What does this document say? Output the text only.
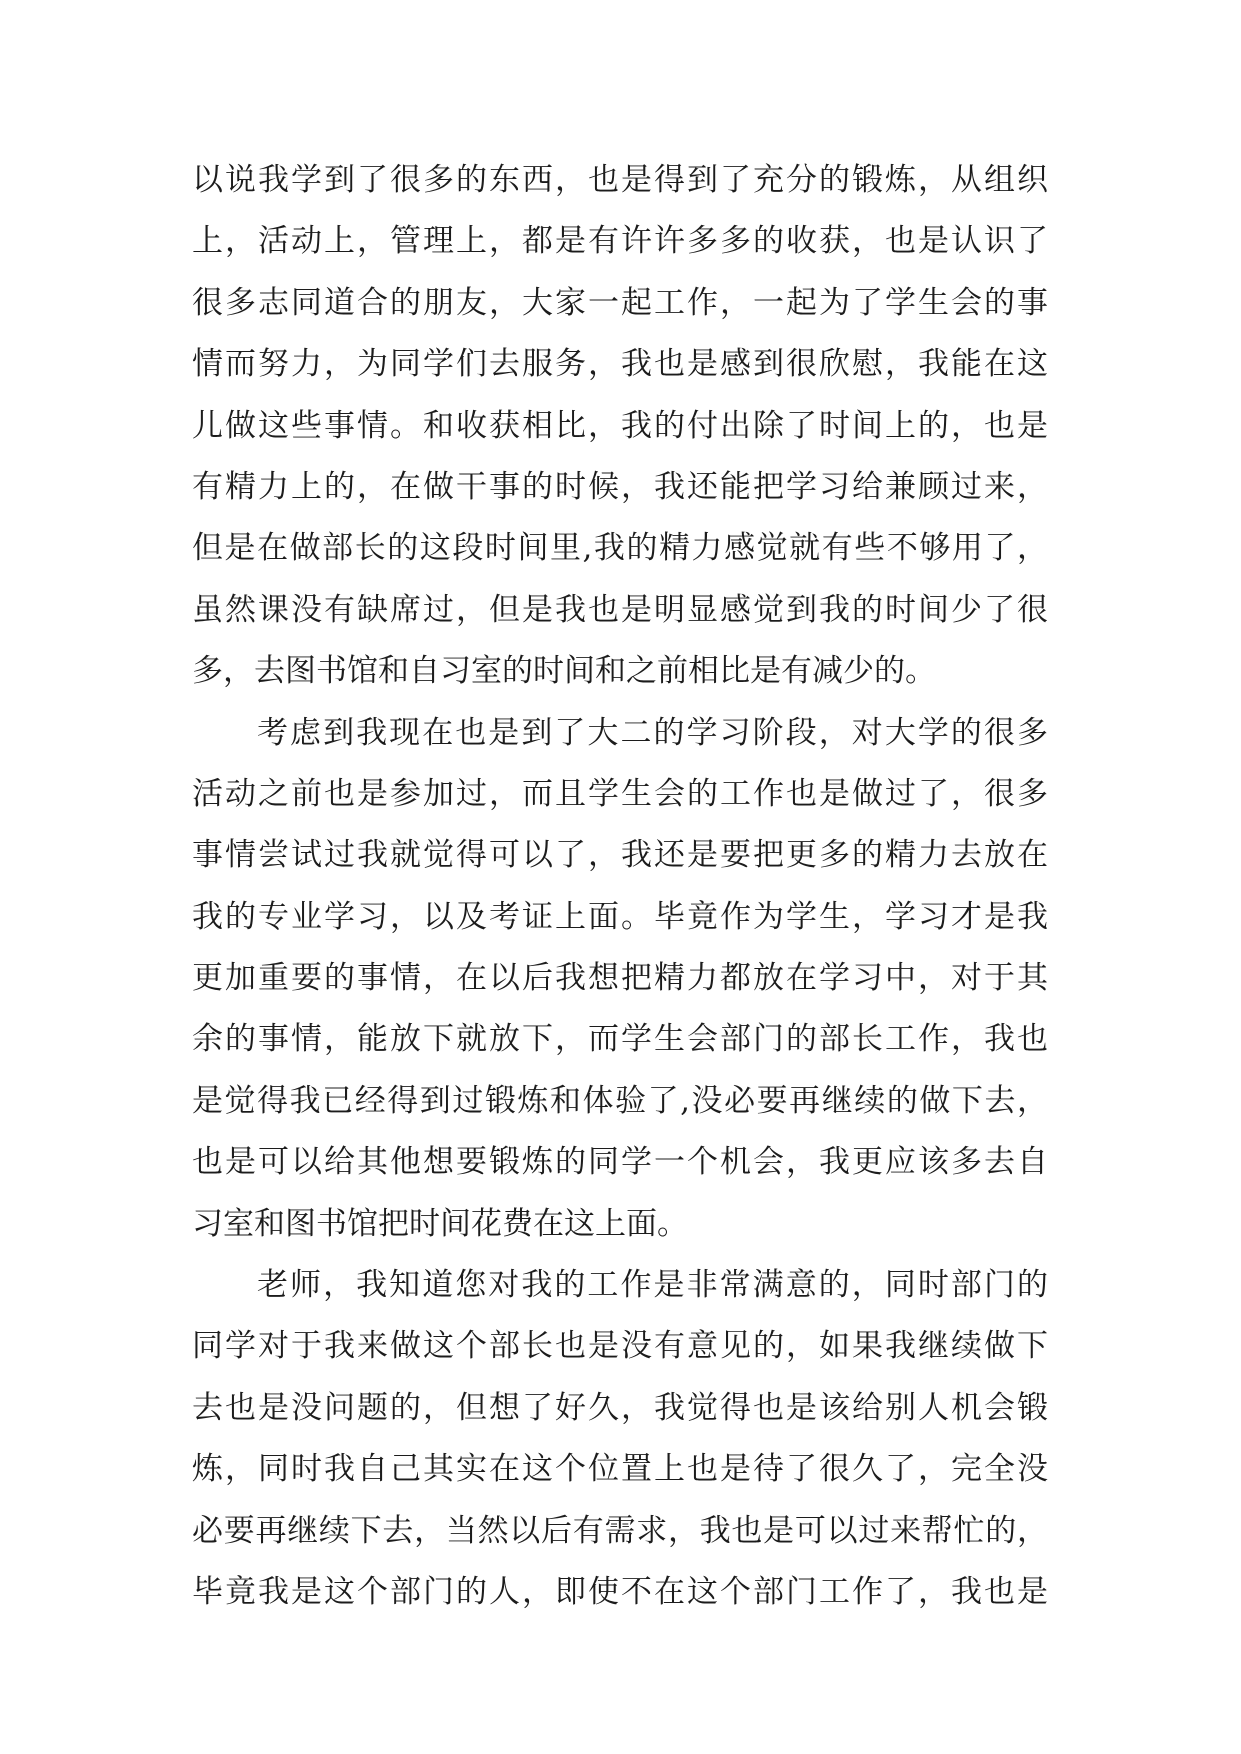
以说我学到了很多的东西，也是得到了充分的锻炼，从组织
上，活动上，管理上，都是有许许多多的收获，也是认识了
很多志同道合的朋友，大家一起工作，一起为了学生会的事
情而努力，为同学们去服务，我也是感到很欣慰，我能在这
儿做这些事情。和收获相比，我的付出除了时间上的，也是
有精力上的，在做干事的时候，我还能把学习给兼顾过来，
但是在做部长的这段时间里,我的精力感觉就有些不够用了，
虽然课没有缺席过，但是我也是明显感觉到我的时间少了很
多，去图书馆和自习室的时间和之前相比是有减少的。

考虑到我现在也是到了大二的学习阶段，对大学的很多
活动之前也是参加过，而且学生会的工作也是做过了，很多
事情尝试过我就觉得可以了，我还是要把更多的精力去放在
我的专业学习，以及考证上面。毕竟作为学生，学习才是我
更加重要的事情，在以后我想把精力都放在学习中，对于其
余的事情，能放下就放下，而学生会部门的部长工作，我也
是觉得我已经得到过锻炼和体验了,没必要再继续的做下去，
也是可以给其他想要锻炼的同学一个机会，我更应该多去自
习室和图书馆把时间花费在这上面。

老师，我知道您对我的工作是非常满意的，同时部门的
同学对于我来做这个部长也是没有意见的，如果我继续做下
去也是没问题的，但想了好久，我觉得也是该给别人机会锻
炼，同时我自己其实在这个位置上也是待了很久了，完全没
必要再继续下去，当然以后有需求，我也是可以过来帮忙的，
毕竟我是这个部门的人，即使不在这个部门工作了，我也是
